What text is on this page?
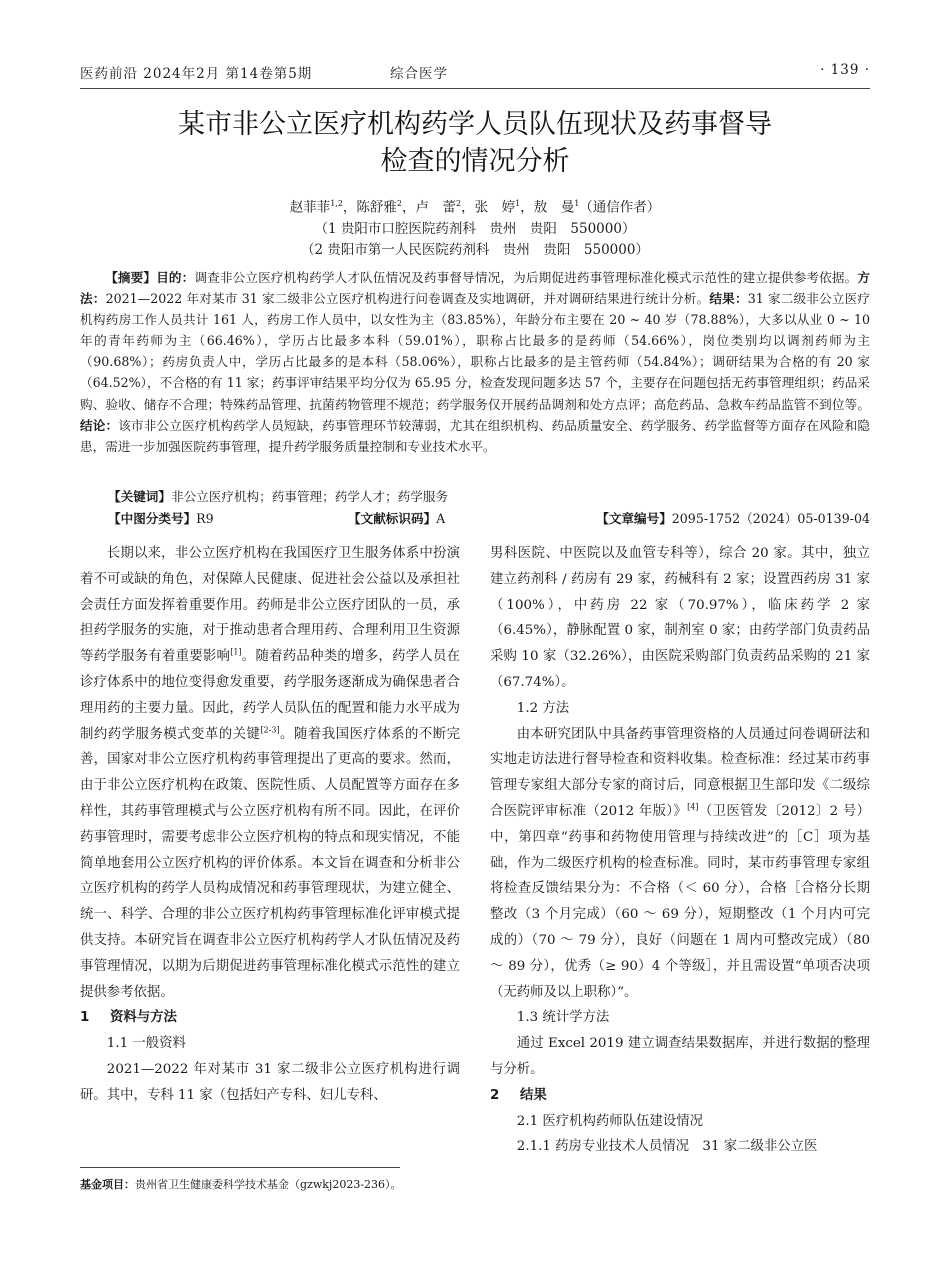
医药前沿 2024年2月 第14卷第5期	综合医学	· 139 ·
某市非公立医疗机构药学人员队伍现状及药事督导
检查的情况分析
赵菲菲$^{1,2}$，陈舒雅$^2$，卢　蕾$^2$，张　婷$^1$，敖　曼$^1$（通信作者）
（1 贵阳市口腔医院药剂科　贵州　贵阳　550000）
（2 贵阳市第一人民医院药剂科　贵州　贵阳　550000）
【摘要】目的：调查非公立医疗机构药学人才队伍情况及药事督导情况，为后期促进药事管理标准化模式示范性的建立提供参考依据。方法：2021—2022 年对某市 31 家二级非公立医疗机构进行问卷调查及实地调研，并对调研结果进行统计分析。结果：31 家二级非公立医疗机构药房工作人员共计 161 人，药房工作人员中，以女性为主（83.85%），年龄分布主要在 20 ~ 40 岁（78.88%），大多以从业 0 ~ 10 年的青年药师为主（66.46%），学历占比最多本科（59.01%），职称占比最多的是药师（54.66%），岗位类别均以调剂药师为主（90.68%）；药房负责人中，学历占比最多的是本科（58.06%），职称占比最多的是主管药师（54.84%）；调研结果为合格的有 20 家（64.52%），不合格的有 11 家；药事评审结果平均分仅为 65.95 分，检查发现问题多达 57 个，主要存在问题包括无药事管理组织；药品采购、验收、储存不合理；特殊药品管理、抗菌药物管理不规范；药学服务仅开展药品调剂和处方点评；高危药品、急救车药品监管不到位等。结论：该市非公立医疗机构药学人员短缺，药事管理环节较薄弱，尤其在组织机构、药品质量安全、药学服务、药学监督等方面存在风险和隐患，需进一步加强医院药事管理，提升药学服务质量控制和专业技术水平。
【关键词】非公立医疗机构；药事管理；药学人才；药学服务
【中图分类号】R9	【文献标识码】A	【文章编号】2095-1752（2024）05-0139-04

长期以来，非公立医疗机构在我国医疗卫生服务体系中扮演着不可或缺的角色，对保障人民健康、促进社会公益以及承担社会责任方面发挥着重要作用。药师是非公立医疗团队的一员，承担药学服务的实施，对于推动患者合理用药、合理利用卫生资源等药学服务有着重要影响[1]。随着药品种类的增多，药学人员在诊疗体系中的地位变得愈发重要，药学服务逐渐成为确保患者合理用药的主要力量。因此，药学人员队伍的配置和能力水平成为制约药学服务模式变革的关键[2-3]。随着我国医疗体系的不断完善，国家对非公立医疗机构药事管理提出了更高的要求。然而，由于非公立医疗机构在政策、医院性质、人员配置等方面存在多样性，其药事管理模式与公立医疗机构有所不同。因此，在评价药事管理时，需要考虑非公立医疗机构的特点和现实情况，不能简单地套用公立医疗机构的评价体系。本文旨在调查和分析非公立医疗机构的药学人员构成情况和药事管理现状，为建立健全、统一、科学、合理的非公立医疗机构药事管理标准化评审模式提供支持。本研究旨在调查非公立医疗机构药学人才队伍情况及药事管理情况，以期为后期促进药事管理标准化模式示范性的建立提供参考依据。

1 资料与方法

1.1 一般资料

2021—2022 年对某市 31 家二级非公立医疗机构进行调研。其中，专科 11 家（包括妇产专科、妇儿专科、

男科医院、中医院以及血管专科等），综合 20 家。其中，独立建立药剂科 / 药房有 29 家，药械科有 2 家；设置西药房 31 家（100%），中药房 22 家（70.97%），临床药学 2 家（6.45%），静脉配置 0 家，制剂室 0 家；由药学部门负责药品采购 10 家（32.26%），由医院采购部门负责药品采购的 21 家（67.74%）。

1.2 方法

由本研究团队中具备药事管理资格的人员通过问卷调研法和实地走访法进行督导检查和资料收集。检查标准：经过某市药事管理专家组大部分专家的商讨后，同意根据卫生部印发《二级综合医院评审标准（2012 年版）》[4]（卫医管发〔2012〕2 号）中，第四章“药事和药物使用管理与持续改进”的［C］项为基础，作为二级医疗机构的检查标准。同时，某市药事管理专家组将检查反馈结果分为：不合格（＜ 60 分），合格［合格分长期整改（3 个月完成）（60 ～ 69 分），短期整改（1 个月内可完成的）（70 ～ 79 分），良好（问题在 1 周内可整改完成）（80 ～ 89 分），优秀（≥ 90）4 个等级］，并且需设置“单项否决项（无药师及以上职称）”。

1.3 统计学方法

通过 Excel 2019 建立调查结果数据库，并进行数据的整理与分析。

2 结果

2.1 医疗机构药师队伍建设情况

2.1.1 药房专业技术人员情况　31 家二级非公立医

基金项目：贵州省卫生健康委科学技术基金（gzwkj2023-236）。
